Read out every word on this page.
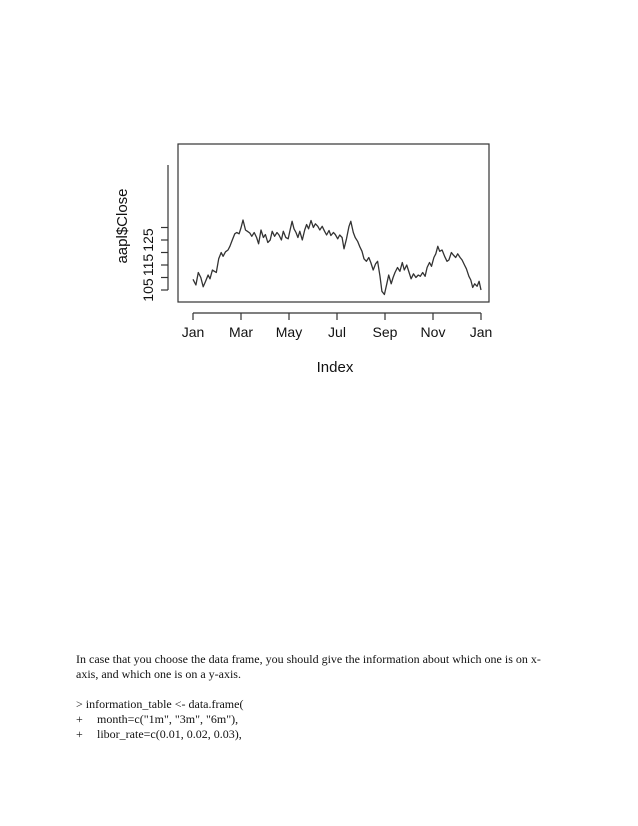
Jan Mar May Jul Sep Nov Jan
105
115
125
Index
aapl$Close
In case that you choose the data frame, you should give the information about which one is on x-
axis, and which one is on a y-axis.
> information_table <- data.frame(
+ month=c("1m", "3m", "6m"),
+ libor_rate=c(0.01, 0.02, 0.03),
